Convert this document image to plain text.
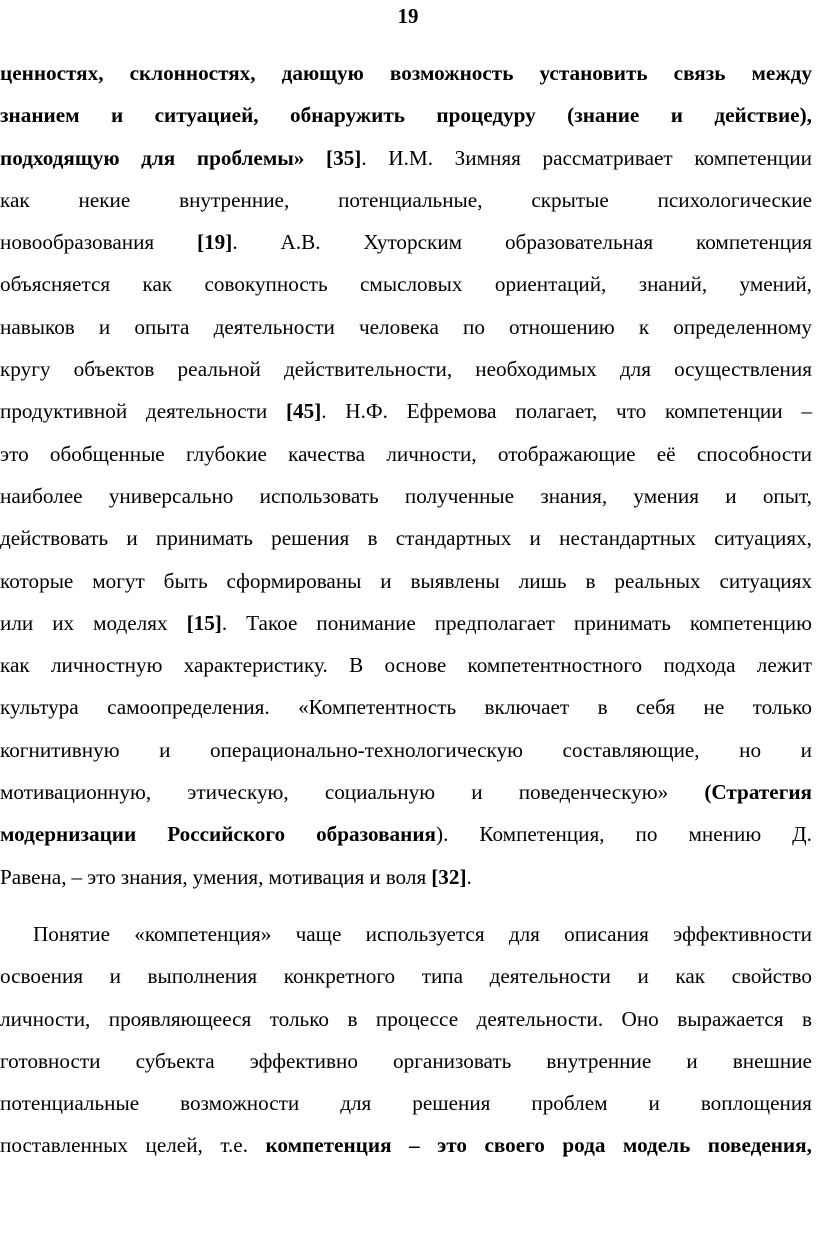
19
ценностях, склонностях, дающую возможность установить связь между
знанием и ситуацией, обнаружить процедуру (знание и действие),
подходящую для проблемы» [35]. И.М. Зимняя рассматривает компетенции
как некие внутренние, потенциальные, скрытые психологические
новообразования [19]. А.В. Хуторским образовательная компетенция
объясняется как совокупность смысловых ориентаций, знаний, умений,
навыков и опыта деятельности человека по отношению к определенному
кругу объектов реальной действительности, необходимых для осуществления
продуктивной деятельности [45]. Н.Ф. Ефремова полагает, что компетенции –
это обобщенные глубокие качества личности, отображающие её способности
наиболее универсально использовать полученные знания, умения и опыт,
действовать и принимать решения в стандартных и нестандартных ситуациях,
которые могут быть сформированы и выявлены лишь в реальных ситуациях
или их моделях [15]. Такое понимание предполагает принимать компетенцию
как личностную характеристику. В основе компетентностного подхода лежит
культура самоопределения. «Компетентность включает в себя не только
когнитивную и операционально-технологическую составляющие, но и
мотивационную, этическую, социальную и поведенческую» (Стратегия
модернизации Российского образования). Компетенция, по мнению Д.
Равена, – это знания, умения, мотивация и воля [32].
Понятие «компетенция» чаще используется для описания эффективности
освоения и выполнения конкретного типа деятельности и как свойство
личности, проявляющееся только в процессе деятельности. Оно выражается в
готовности субъекта эффективно организовать внутренние и внешние
потенциальные возможности для решения проблем и воплощения
поставленных целей, т.е. компетенция – это своего рода модель поведения,
